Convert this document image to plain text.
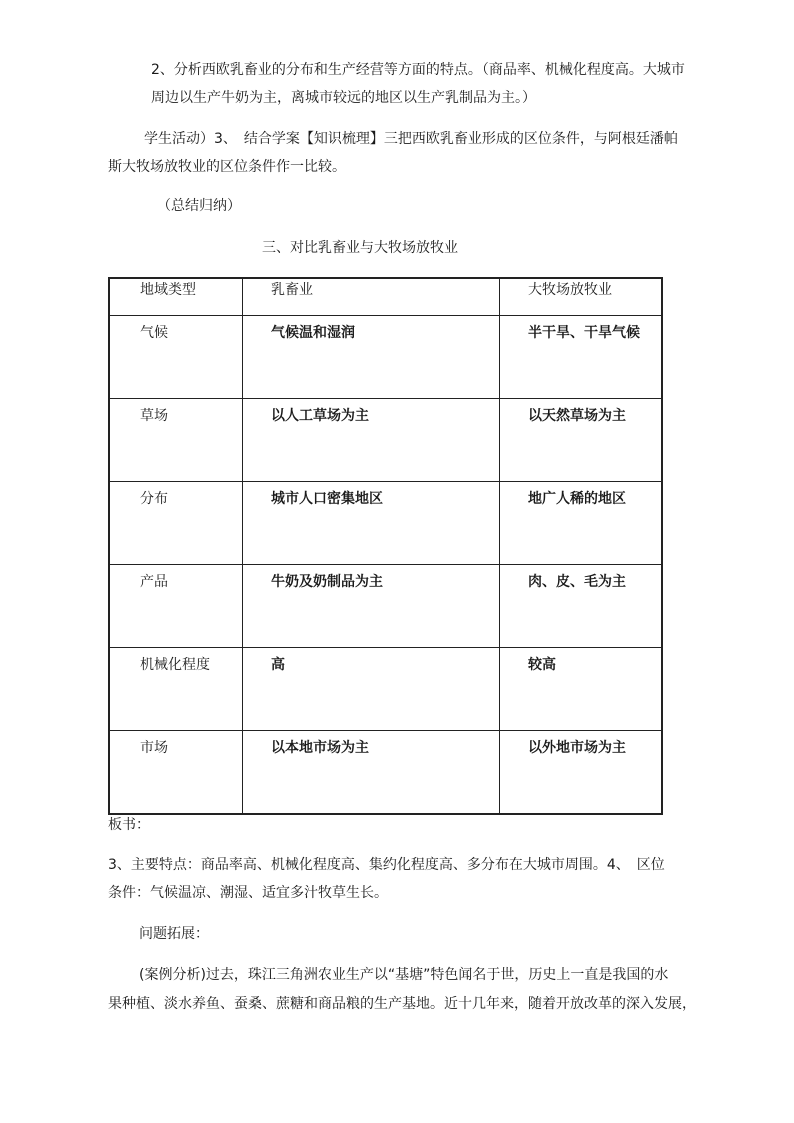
2、分析西欧乳畜业的分布和生产经营等方面的特点。（商品率、机械化程度高。大城市
周边以生产牛奶为主，离城市较远的地区以生产乳制品为主。）
学生活动）3、　结合学案【知识梳理】三把西欧乳畜业形成的区位条件，与阿根廷潘帕
斯大牧场放牧业的区位条件作一比较。
（总结归纳）
三、对比乳畜业与大牧场放牧业
地域类型	乳畜业	大牧场放牧业
气候	气候温和湿润	半干旱、干旱气候
草场	以人工草场为主	以天然草场为主
分布	城市人口密集地区	地广人稀的地区
产品	牛奶及奶制品为主	肉、皮、毛为主
机械化程度	高	较高
市场	以本地市场为主	以外地市场为主
板书：
3、主要特点：商品率高、机械化程度高、集约化程度高、多分布在大城市周围。4、　区位
条件：气候温凉、潮湿、适宜多汁牧草生长。
问题拓展：
(案例分析)过去，珠江三角洲农业生产以“基塘”特色闻名于世，历史上一直是我国的水
果种植、淡水养鱼、蚕桑、蔗糖和商品粮的生产基地。近十几年来，随着开放改革的深入发展，
